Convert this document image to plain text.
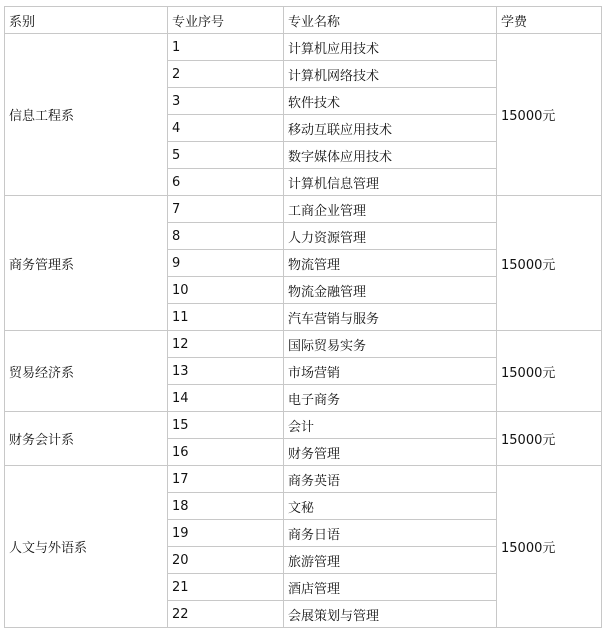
系别	专业序号	专业名称	学费
信息工程系	1	计算机应用技术	15000元
	2	计算机网络技术	
	3	软件技术	
	4	移动互联应用技术	
	5	数字媒体应用技术	
	6	计算机信息管理	
商务管理系	7	工商企业管理	15000元
	8	人力资源管理	
	9	物流管理	
	10	物流金融管理	
	11	汽车营销与服务	
贸易经济系	12	国际贸易实务	15000元
	13	市场营销	
	14	电子商务	
财务会计系	15	会计	15000元
	16	财务管理	
人文与外语系	17	商务英语	15000元
	18	文秘	
	19	商务日语	
	20	旅游管理	
	21	酒店管理	
	22	会展策划与管理	
